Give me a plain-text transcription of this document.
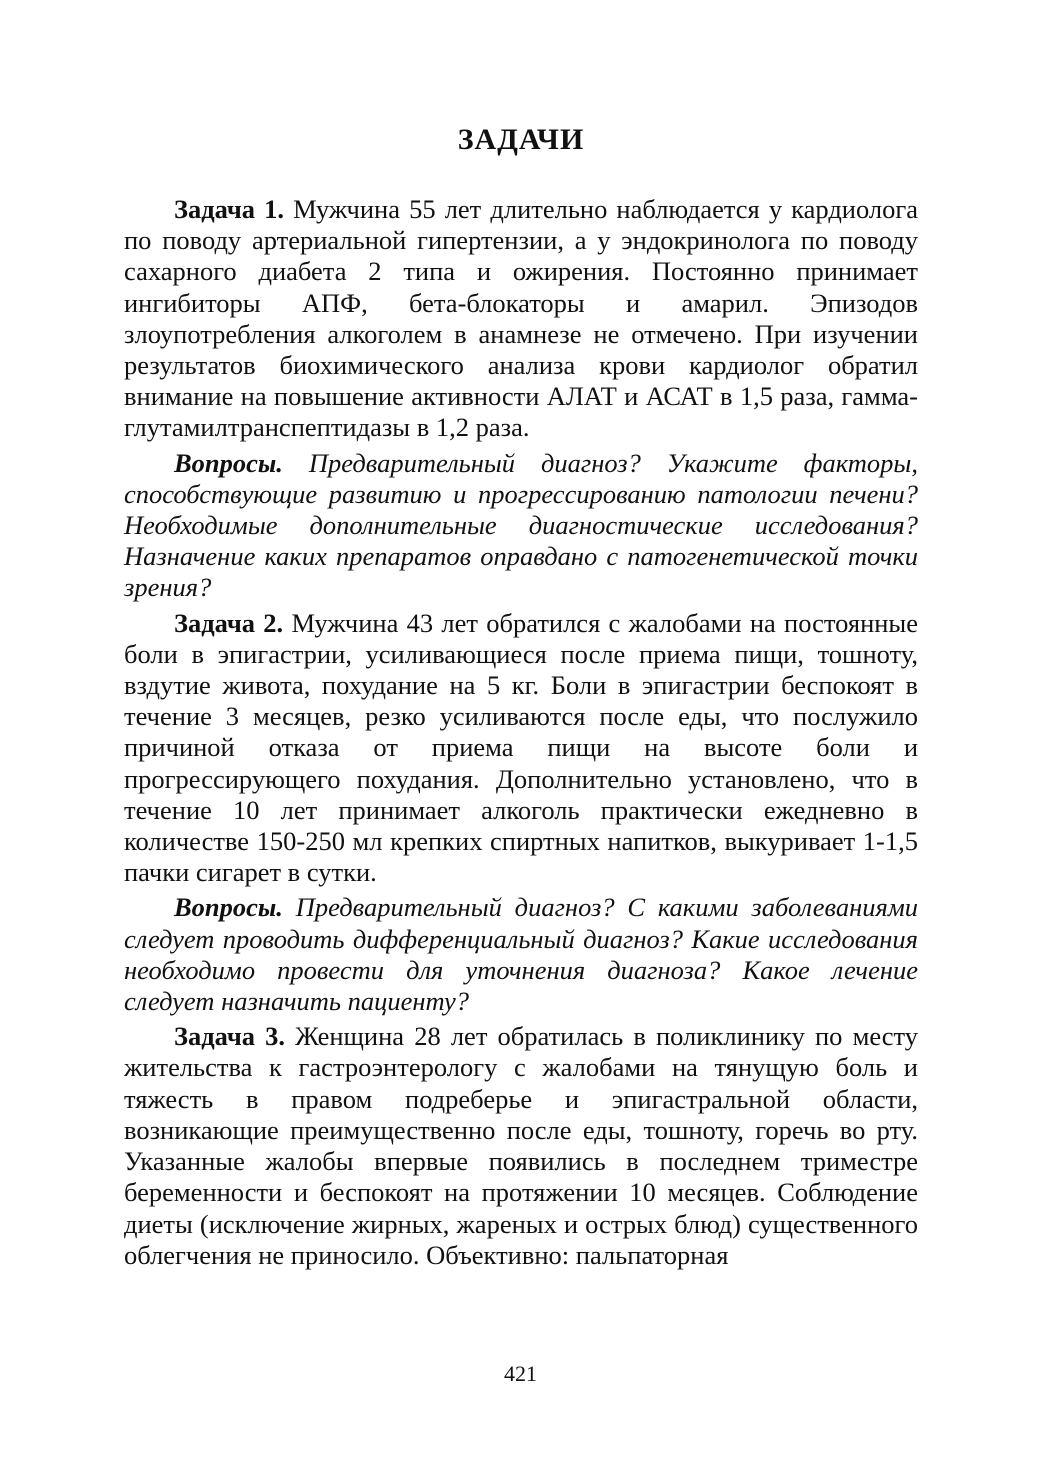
ЗАДАЧИ

Задача 1. Мужчина 55 лет длительно наблюдается у кардиолога по поводу артериальной гипертензии, а у эндокринолога по поводу сахарного диабета 2 типа и ожирения. Постоянно принимает ингибиторы АПФ, бета-блокаторы и амарил. Эпизодов злоупотребления алкоголем в анамнезе не отмечено. При изучении результатов биохимического анализа крови кардиолог обратил внимание на повышение активности АЛАТ и АСАТ в 1,5 раза, гамма-глутамилтранспептидазы в 1,2 раза.

Вопросы. Предварительный диагноз? Укажите факторы, способствующие развитию и прогрессированию патологии печени? Необходимые дополнительные диагностические исследования? Назначение каких препаратов оправдано с патогенетической точки зрения?

Задача 2. Мужчина 43 лет обратился с жалобами на постоянные боли в эпигастрии, усиливающиеся после приема пищи, тошноту, вздутие живота, похудание на 5 кг. Боли в эпигастрии беспокоят в течение 3 месяцев, резко усиливаются после еды, что послужило причиной отказа от приема пищи на высоте боли и прогрессирующего похудания. Дополнительно установлено, что в течение 10 лет принимает алкоголь практически ежедневно в количестве 150-250 мл крепких спиртных напитков, выкуривает 1-1,5 пачки сигарет в сутки.

Вопросы. Предварительный диагноз? С какими заболеваниями следует проводить дифференциальный диагноз? Какие исследования необходимо провести для уточнения диагноза? Какое лечение следует назначить пациенту?

Задача 3. Женщина 28 лет обратилась в поликлинику по месту жительства к гастроэнтерологу с жалобами на тянущую боль и тяжесть в правом подреберье и эпигастральной области, возникающие преимущественно после еды, тошноту, горечь во рту. Указанные жалобы впервые появились в последнем триместре беременности и беспокоят на протяжении 10 месяцев. Соблюдение диеты (исключение жирных, жареных и острых блюд) существенного облегчения не приносило. Объективно: пальпаторная

421
